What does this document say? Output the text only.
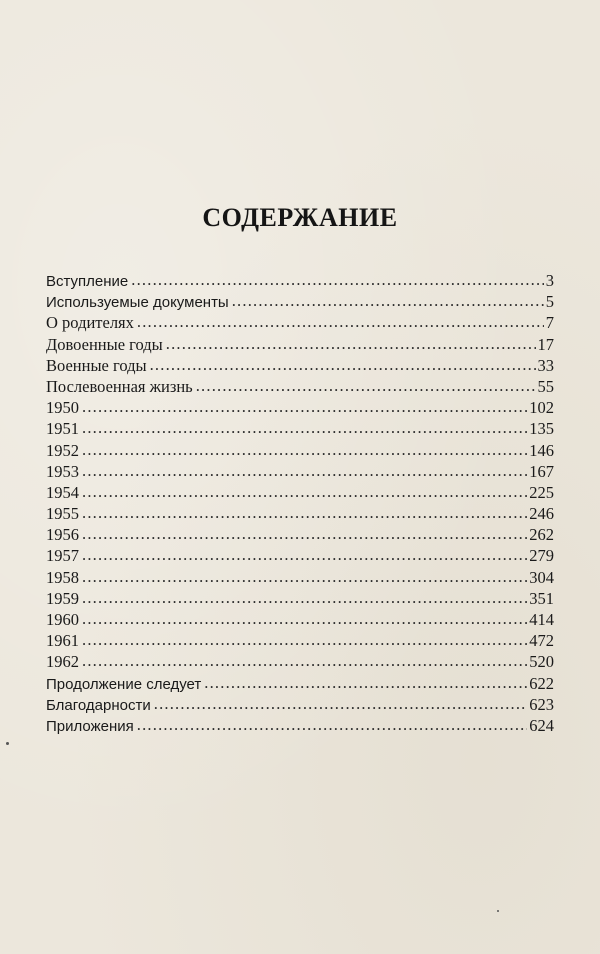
СОДЕРЖАНИЕ
Вступление .....	3
Используемые документы .....	5
О родителях .....	7
Довоенные годы .....	17
Военные годы .....	33
Послевоенная жизнь .....	55
1950 .....	102
1951 .....	135
1952 .....	146
1953 .....	167
1954 .....	225
1955 .....	246
1956 .....	262
1957 .....	279
1958 .....	304
1959 .....	351
1960 .....	414
1961 .....	472
1962 .....	520
Продолжение следует .....	622
Благодарности .....	623
Приложения .....	624
